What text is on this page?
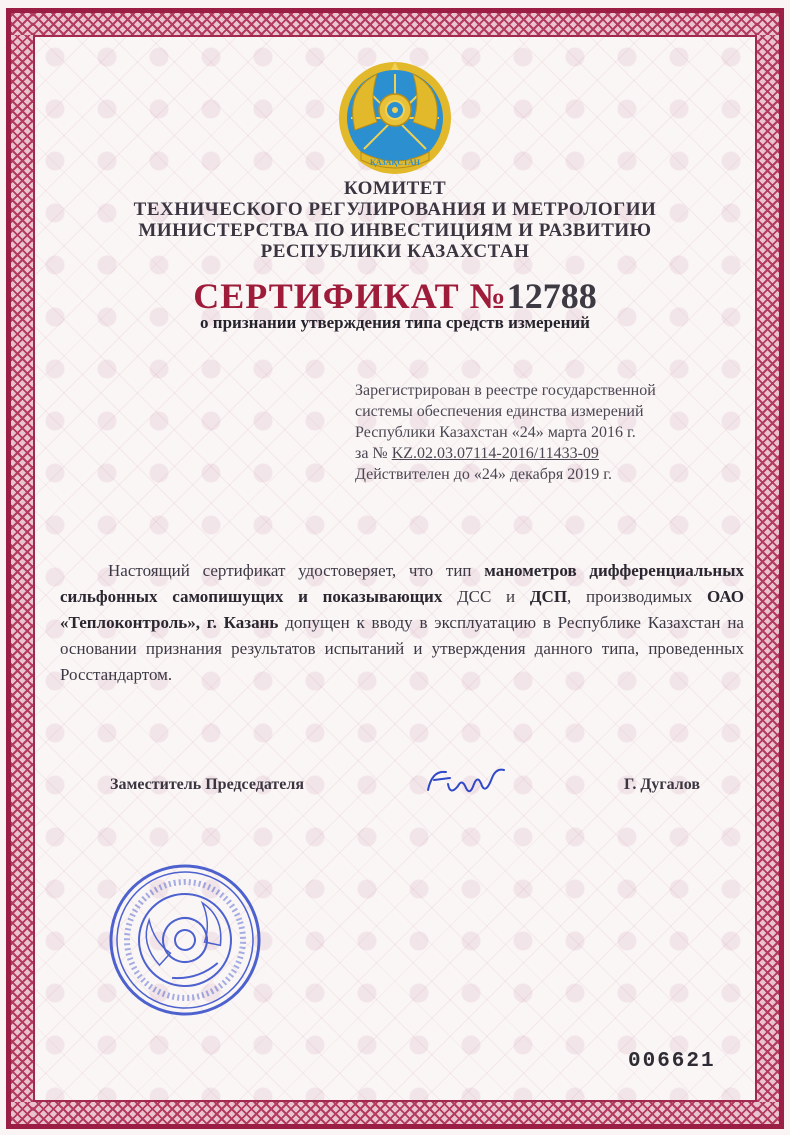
ҚАЗАҚСТАН
КОМИТЕТ
ТЕХНИЧЕСКОГО РЕГУЛИРОВАНИЯ И МЕТРОЛОГИИ
МИНИСТЕРСТВА ПО ИНВЕСТИЦИЯМ И РАЗВИТИЮ
РЕСПУБЛИКИ КАЗАХСТАН
СЕРТИФИКАТ №12788
о признании утверждения типа средств измерений
Зарегистрирован в реестре государственной
системы обеспечения единства измерений
Республики Казахстан «24» марта 2016 г.
за № KZ.02.03.07114-2016/11433-09
Действителен до «24» декабря 2019 г.
Настоящий сертификат удостоверяет, что тип манометров дифференциальных сильфонных самопишущих и показывающих ДСС и ДСП, производимых ОАО «Теплоконтроль», г. Казань допущен к вводу в эксплуатацию в Республике Казахстан на основании признания результатов испытаний и утверждения данного типа, проведенных Росстандартом.
Заместитель Председателя	Г. Дугалов
006621
